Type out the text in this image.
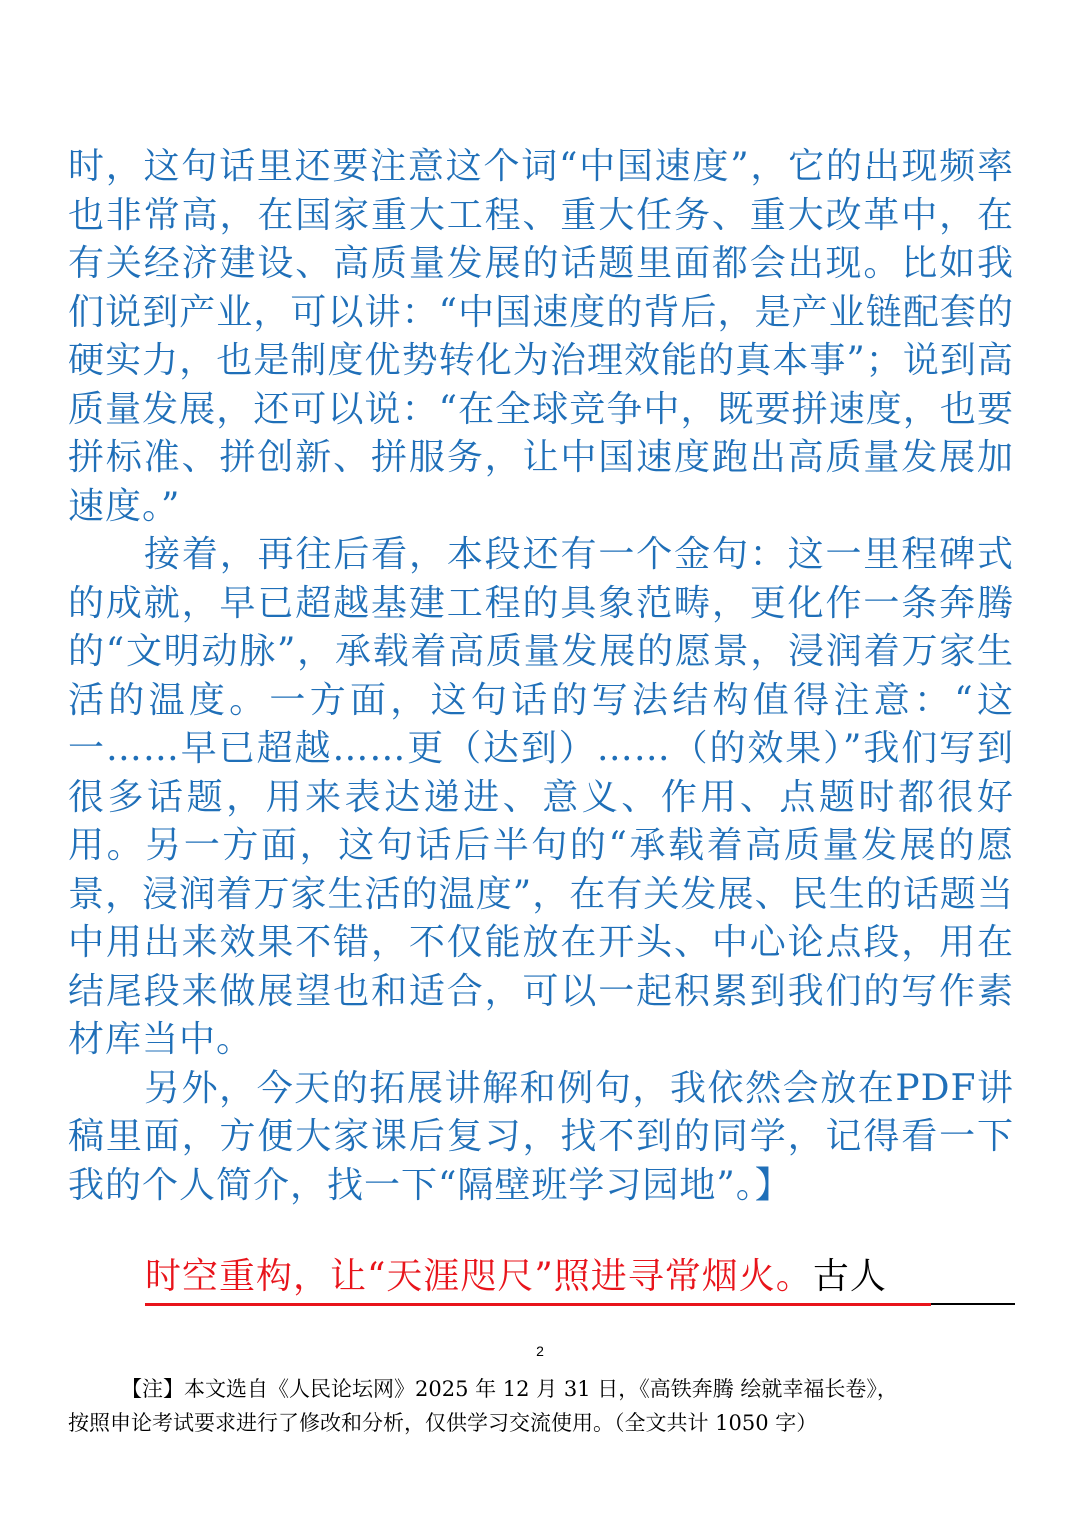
时，这句话里还要注意这个词“中国速度”，它的出现频率也非常高，在国家重大工程、重大任务、重大改革中，在有关经济建设、高质量发展的话题里面都会出现。比如我们说到产业，可以讲：“中国速度的背后，是产业链配套的硬实力，也是制度优势转化为治理效能的真本事”；说到高质量发展，还可以说：“在全球竞争中，既要拼速度，也要拼标准、拼创新、拼服务，让中国速度跑出高质量发展加速度。”

接着，再往后看，本段还有一个金句：这一里程碑式的成就，早已超越基建工程的具象范畴，更化作一条奔腾的“文明动脉”，承载着高质量发展的愿景，浸润着万家生活的温度。一方面，这句话的写法结构值得注意：“这一……早已超越……更（达到）……（的效果）”我们写到很多话题，用来表达递进、意义、作用、点题时都很好用。另一方面，这句话后半句的“承载着高质量发展的愿景，浸润着万家生活的温度”，在有关发展、民生的话题当中用出来效果不错，不仅能放在开头、中心论点段，用在结尾段来做展望也和适合，可以一起积累到我们的写作素材库当中。

另外，今天的拓展讲解和例句，我依然会放在PDF讲稿里面，方便大家课后复习，找不到的同学，记得看一下我的个人简介，找一下“隔壁班学习园地”。】

时空重构，让“天涯咫尺”照进寻常烟火。古人
2

【注】本文选自《人民论坛网》2025 年 12 月 31 日，《高铁奔腾 绘就幸福长卷》，

按照申论考试要求进行了修改和分析，仅供学习交流使用。（全文共计 1050 字）
